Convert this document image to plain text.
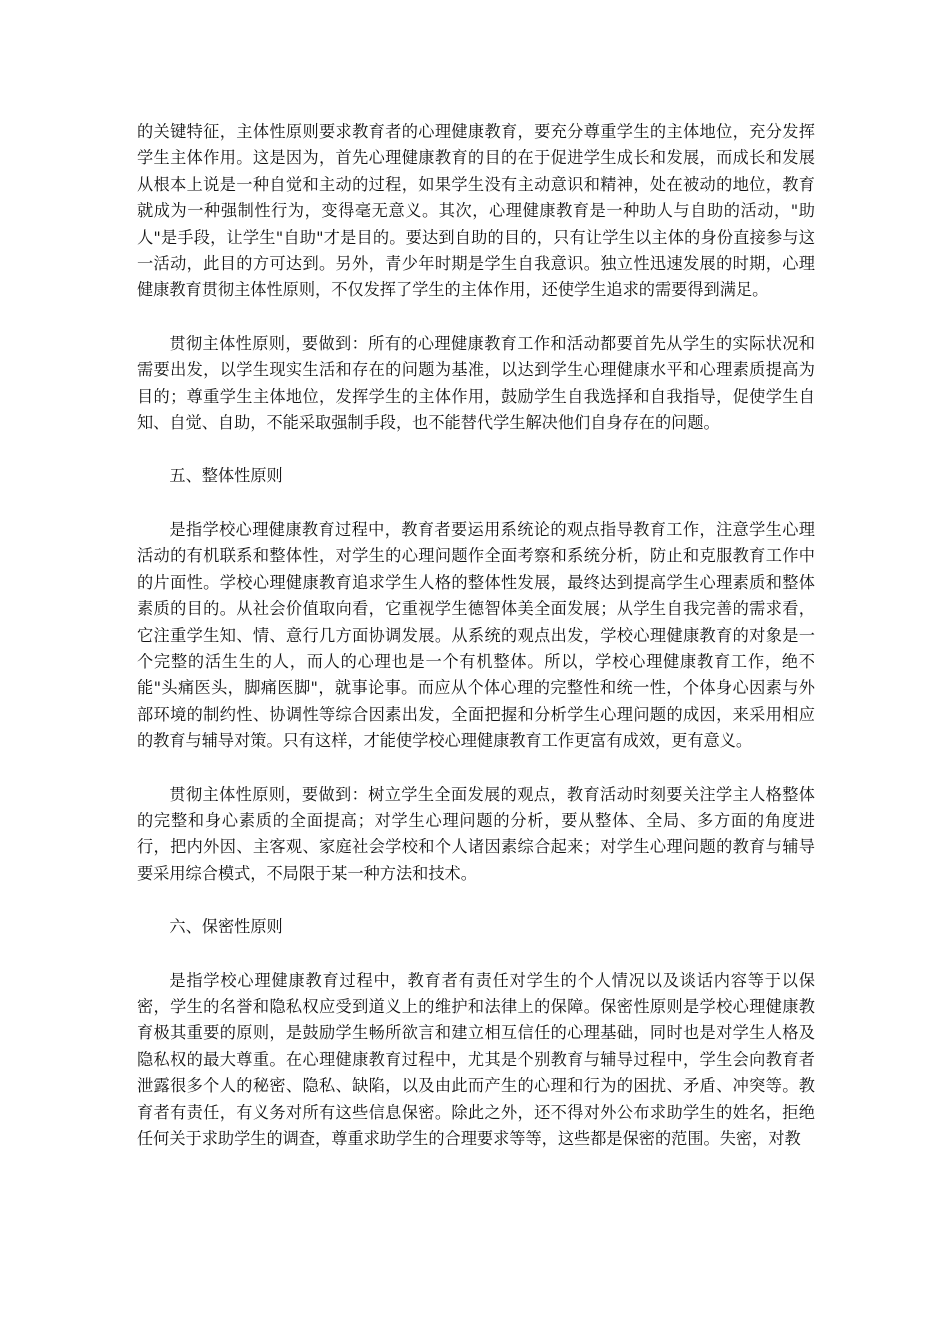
的关键特征，主体性原则要求教育者的心理健康教育，要充分尊重学生的主体地位，充分发挥学生主体作用。这是因为，首先心理健康教育的目的在于促进学生成长和发展，而成长和发展从根本上说是一种自觉和主动的过程，如果学生没有主动意识和精神，处在被动的地位，教育就成为一种强制性行为，变得毫无意义。其次，心理健康教育是一种助人与自助的活动，"助人"是手段，让学生"自助"才是目的。要达到自助的目的，只有让学生以主体的身份直接参与这一活动，此目的方可达到。另外，青少年时期是学生自我意识。独立性迅速发展的时期，心理健康教育贯彻主体性原则，不仅发挥了学生的主体作用，还使学生追求的需要得到满足。

贯彻主体性原则，要做到：所有的心理健康教育工作和活动都要首先从学生的实际状况和需要出发，以学生现实生活和存在的问题为基准，以达到学生心理健康水平和心理素质提高为目的；尊重学生主体地位，发挥学生的主体作用，鼓励学生自我选择和自我指导，促使学生自知、自觉、自助，不能采取强制手段，也不能替代学生解决他们自身存在的问题。

五、整体性原则

是指学校心理健康教育过程中，教育者要运用系统论的观点指导教育工作，注意学生心理活动的有机联系和整体性，对学生的心理问题作全面考察和系统分析，防止和克服教育工作中的片面性。学校心理健康教育追求学生人格的整体性发展，最终达到提高学生心理素质和整体素质的目的。从社会价值取向看，它重视学生德智体美全面发展；从学生自我完善的需求看，它注重学生知、情、意行几方面协调发展。从系统的观点出发，学校心理健康教育的对象是一个完整的活生生的人，而人的心理也是一个有机整体。所以，学校心理健康教育工作，绝不能"头痛医头，脚痛医脚"，就事论事。而应从个体心理的完整性和统一性，个体身心因素与外部环境的制约性、协调性等综合因素出发，全面把握和分析学生心理问题的成因，来采用相应的教育与辅导对策。只有这样，才能使学校心理健康教育工作更富有成效，更有意义。

贯彻主体性原则，要做到：树立学生全面发展的观点，教育活动时刻要关注学主人格整体的完整和身心素质的全面提高；对学生心理问题的分析，要从整体、全局、多方面的角度进行，把内外因、主客观、家庭社会学校和个人诸因素综合起来；对学生心理问题的教育与辅导要采用综合模式，不局限于某一种方法和技术。

六、保密性原则

是指学校心理健康教育过程中，教育者有责任对学生的个人情况以及谈话内容等于以保密，学生的名誉和隐私权应受到道义上的维护和法律上的保障。保密性原则是学校心理健康教育极其重要的原则，是鼓励学生畅所欲言和建立相互信任的心理基础，同时也是对学生人格及隐私权的最大尊重。在心理健康教育过程中，尤其是个别教育与辅导过程中，学生会向教育者泄露很多个人的秘密、隐私、缺陷，以及由此而产生的心理和行为的困扰、矛盾、冲突等。教育者有责任，有义务对所有这些信息保密。除此之外，还不得对外公布求助学生的姓名，拒绝任何关于求助学生的调查，尊重求助学生的合理要求等等，这些都是保密的范围。失密，对教
